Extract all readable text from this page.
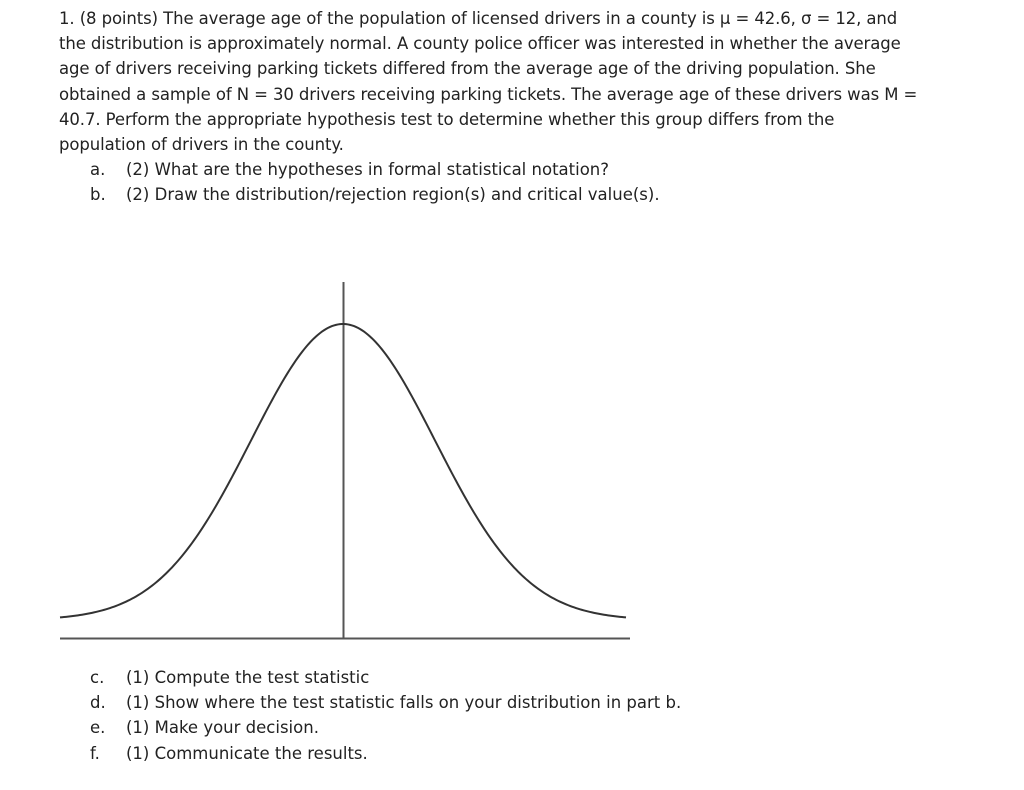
1. (8 points) The average age of the population of licensed drivers in a county is μ = 42.6, σ = 12, and
the distribution is approximately normal. A county police officer was interested in whether the average
age of drivers receiving parking tickets differed from the average age of the driving population. She
obtained a sample of N = 30 drivers receiving parking tickets. The average age of these drivers was M =
40.7. Perform the appropriate hypothesis test to determine whether this group differs from the
population of drivers in the county.
a.	(2) What are the hypotheses in formal statistical notation?
b.	(2) Draw the distribution/rejection region(s) and critical value(s).
c.	(1) Compute the test statistic
d.	(1) Show where the test statistic falls on your distribution in part b.
e.	(1) Make your decision.
f.	(1) Communicate the results.
